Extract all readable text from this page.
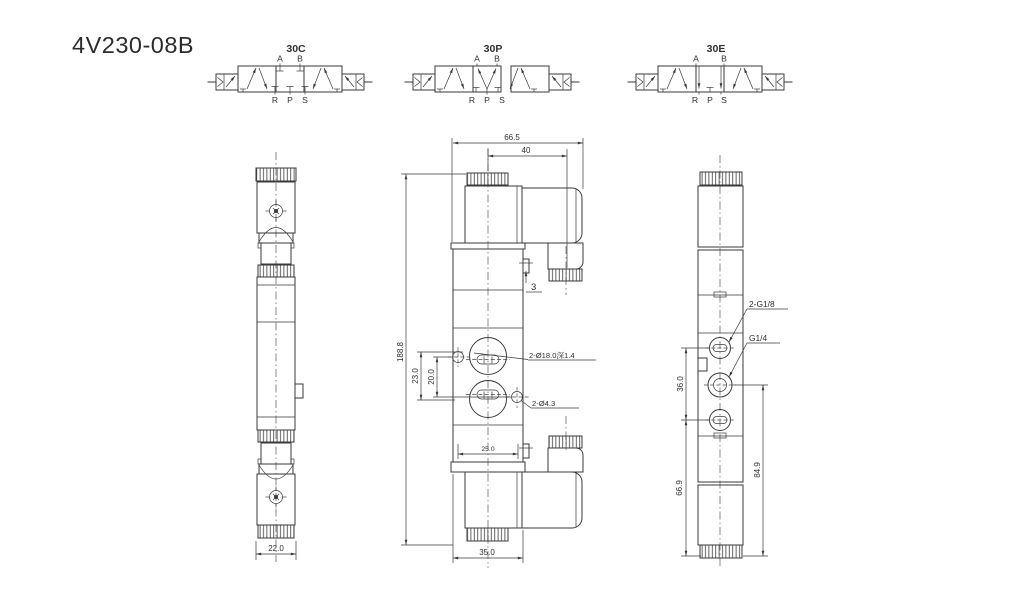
4V230-08B	30C
A B
R P S
30P
A B
R P S
30E
A	B
R P S
22.0
3
2-Ø18.0深1.4
2-Ø4.3
23.0 20.0
188.8
66.5
40
25.0
35.0
2-G1/8
G1/4
36.0
66.9
84.9
